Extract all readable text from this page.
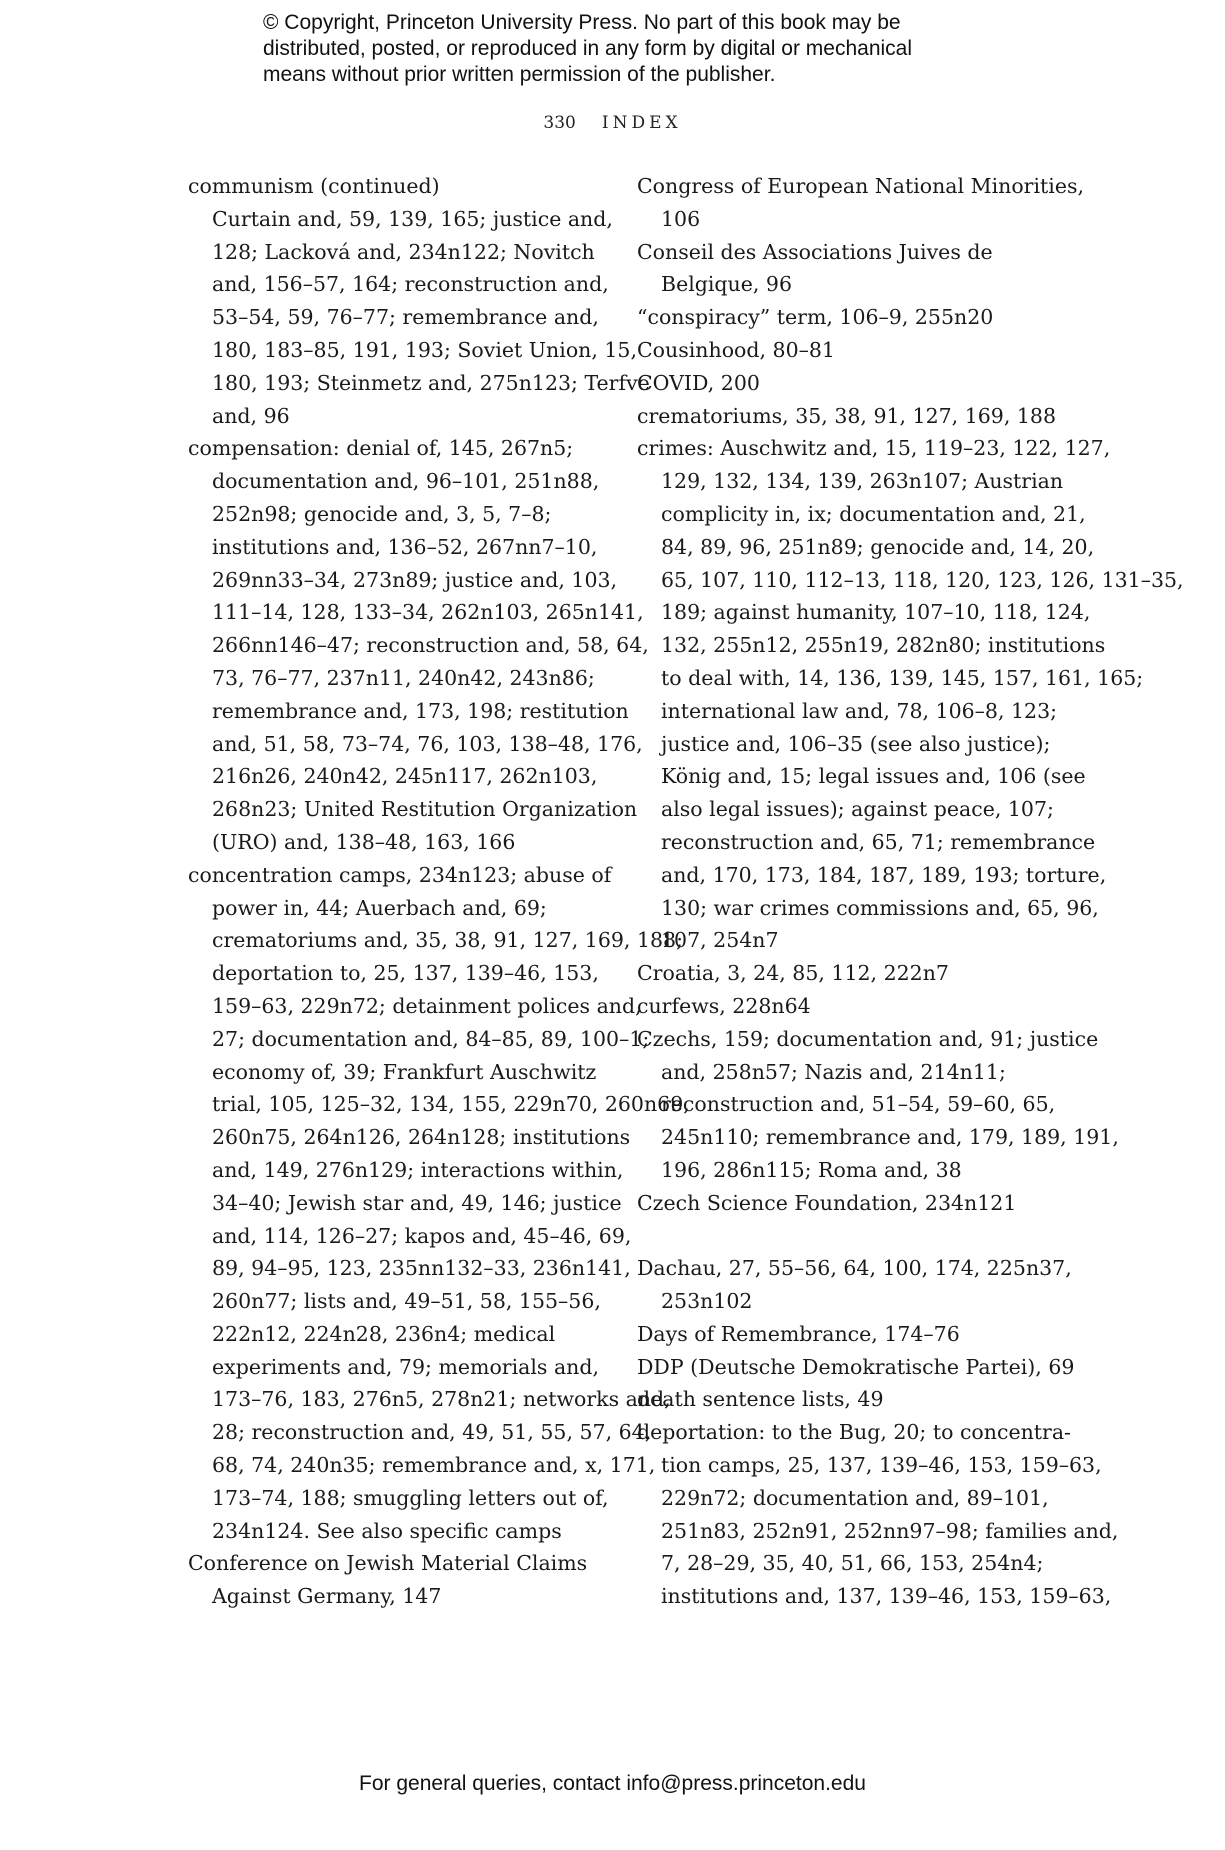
© Copyright, Princeton University Press. No part of this book may be
distributed, posted, or reproduced in any form by digital or mechanical
means without prior written permission of the publisher.
330 INDEX
communism (continued)
Curtain and, 59, 139, 165; justice and,
128; Lacková and, 234n122; Novitch
and, 156–57, 164; reconstruction and,
53–54, 59, 76–77; remembrance and,
180, 183–85, 191, 193; Soviet Union, 15,
180, 193; Steinmetz and, 275n123; Terfve
and, 96
compensation: denial of, 145, 267n5;
documentation and, 96–101, 251n88,
252n98; genocide and, 3, 5, 7–8;
institutions and, 136–52, 267nn7–10,
269nn33–34, 273n89; justice and, 103,
111–14, 128, 133–34, 262n103, 265n141,
266nn146–47; reconstruction and, 58, 64,
73, 76–77, 237n11, 240n42, 243n86;
remembrance and, 173, 198; restitution
and, 51, 58, 73–74, 76, 103, 138–48, 176,
216n26, 240n42, 245n117, 262n103,
268n23; United Restitution Organization
(URO) and, 138–48, 163, 166
concentration camps, 234n123; abuse of
power in, 44; Auerbach and, 69;
crematoriums and, 35, 38, 91, 127, 169, 188;
deportation to, 25, 137, 139–46, 153,
159–63, 229n72; detainment polices and,
27; documentation and, 84–85, 89, 100–1;
economy of, 39; Frankfurt Auschwitz
trial, 105, 125–32, 134, 155, 229n70, 260n69,
260n75, 264n126, 264n128; institutions
and, 149, 276n129; interactions within,
34–40; Jewish star and, 49, 146; justice
and, 114, 126–27; kapos and, 45–46, 69,
89, 94–95, 123, 235nn132–33, 236n141,
260n77; lists and, 49–51, 58, 155–56,
222n12, 224n28, 236n4; medical
experiments and, 79; memorials and,
173–76, 183, 276n5, 278n21; networks and,
28; reconstruction and, 49, 51, 55, 57, 64,
68, 74, 240n35; remembrance and, x, 171,
173–74, 188; smuggling letters out of,
234n124. See also specific camps
Conference on Jewish Material Claims
Against Germany, 147
Congress of European National Minorities,
106
Conseil des Associations Juives de
Belgique, 96
“conspiracy” term, 106–9, 255n20
Cousinhood, 80–81
COVID, 200
crematoriums, 35, 38, 91, 127, 169, 188
crimes: Auschwitz and, 15, 119–23, 122, 127,
129, 132, 134, 139, 263n107; Austrian
complicity in, ix; documentation and, 21,
84, 89, 96, 251n89; genocide and, 14, 20,
65, 107, 110, 112–13, 118, 120, 123, 126, 131–35,
189; against humanity, 107–10, 118, 124,
132, 255n12, 255n19, 282n80; institutions
to deal with, 14, 136, 139, 145, 157, 161, 165;
international law and, 78, 106–8, 123;
justice and, 106–35 (see also justice);
König and, 15; legal issues and, 106 (see
also legal issues); against peace, 107;
reconstruction and, 65, 71; remembrance
and, 170, 173, 184, 187, 189, 193; torture,
130; war crimes commissions and, 65, 96,
107, 254n7
Croatia, 3, 24, 85, 112, 222n7
curfews, 228n64
Czechs, 159; documentation and, 91; justice
and, 258n57; Nazis and, 214n11;
reconstruction and, 51–54, 59–60, 65,
245n110; remembrance and, 179, 189, 191,
196, 286n115; Roma and, 38
Czech Science Foundation, 234n121
Dachau, 27, 55–56, 64, 100, 174, 225n37,
253n102
Days of Remembrance, 174–76
DDP (Deutsche Demokratische Partei), 69
death sentence lists, 49
deportation: to the Bug, 20; to concentra-
tion camps, 25, 137, 139–46, 153, 159–63,
229n72; documentation and, 89–101,
251n83, 252n91, 252nn97–98; families and,
7, 28–29, 35, 40, 51, 66, 153, 254n4;
institutions and, 137, 139–46, 153, 159–63,
For general queries, contact info@press.princeton.edu
